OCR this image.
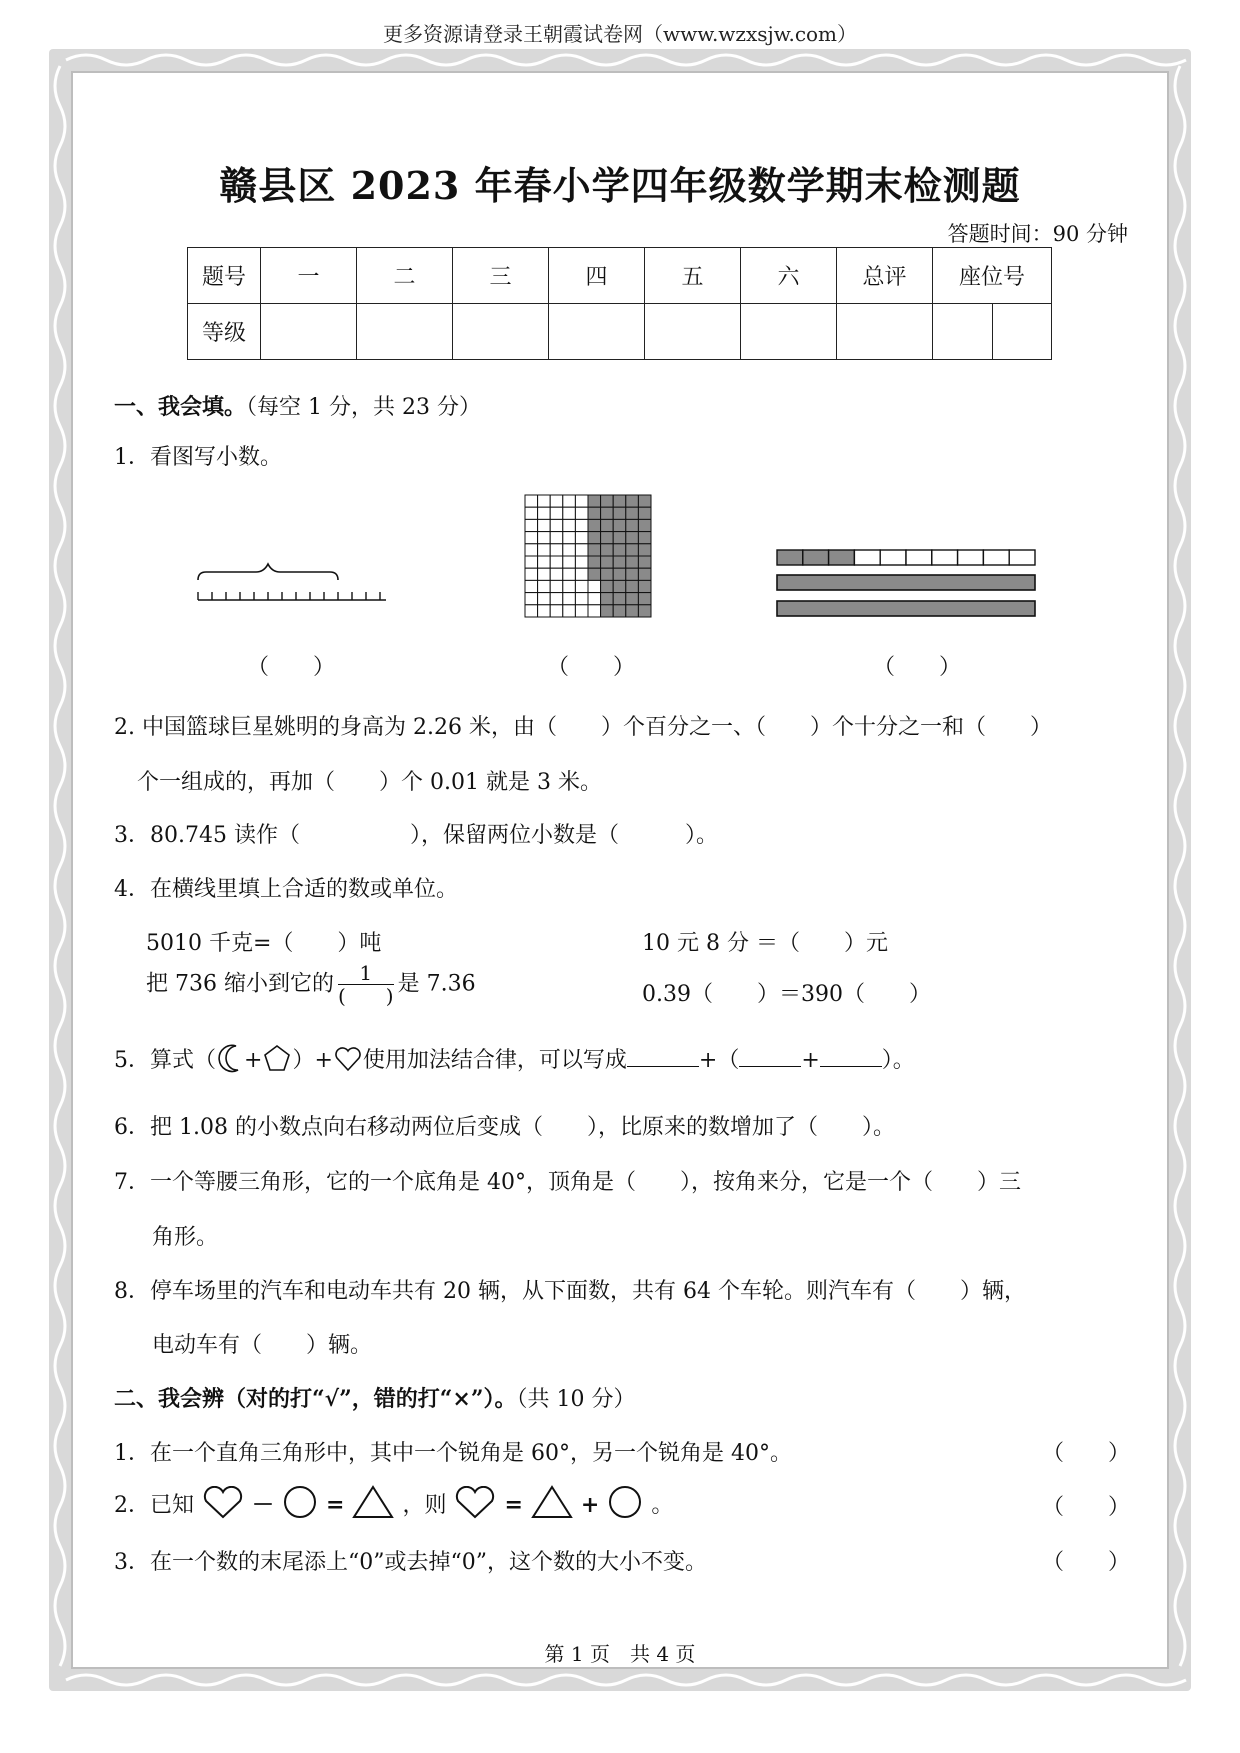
更多资源请登录王朝霞试卷网（www.wzxsjw.com）
赣县区 2023 年春小学四年级数学期末检测题
答题时间：90 分钟
题号	一	二	三	四	五	六	总评	座位号	
等级									
一、我会填。（每空 1 分，共 23 分）
1．看图写小数。
（　　）	（　　）	（　　）
2. 中国篮球巨星姚明的身高为 2.26 米，由（　　）个百分之一、（　　）个十分之一和（　　）
个一组成的，再加（　　）个 0.01 就是 3 米。
3．80.745 读作（　　　　　），保留两位小数是（　　　）。
4．在横线里填上合适的数或单位。
5010 千克=（　　）吨	10 元 8 分 ＝（　　）元
把 736 缩小到它的 $\frac{1}{( )}$ 是 7.36	0.39（　　）＝390（　　）
5．算式（ + ）+ 使用加法结合律，可以写成	+（	+	）。
6．把 1.08 的小数点向右移动两位后变成（　　），比原来的数增加了（　　）。
7．一个等腰三角形，它的一个底角是 40°，顶角是（　　），按角来分，它是一个（　　）三
角形。
8．停车场里的汽车和电动车共有 20 辆，从下面数，共有 64 个车轮。则汽车有（　　）辆，
电动车有（　　）辆。
二、我会辨（对的打“√”，错的打“×”）。（共 10 分）
1．在一个直角三角形中，其中一个锐角是 60°，另一个锐角是 40°。	（　　）
2．已知	－ =	，则	=	+ 。	（　　）
3．在一个数的末尾添上“0”或去掉“0”，这个数的大小不变。	（　　）
第 1 页　共 4 页
